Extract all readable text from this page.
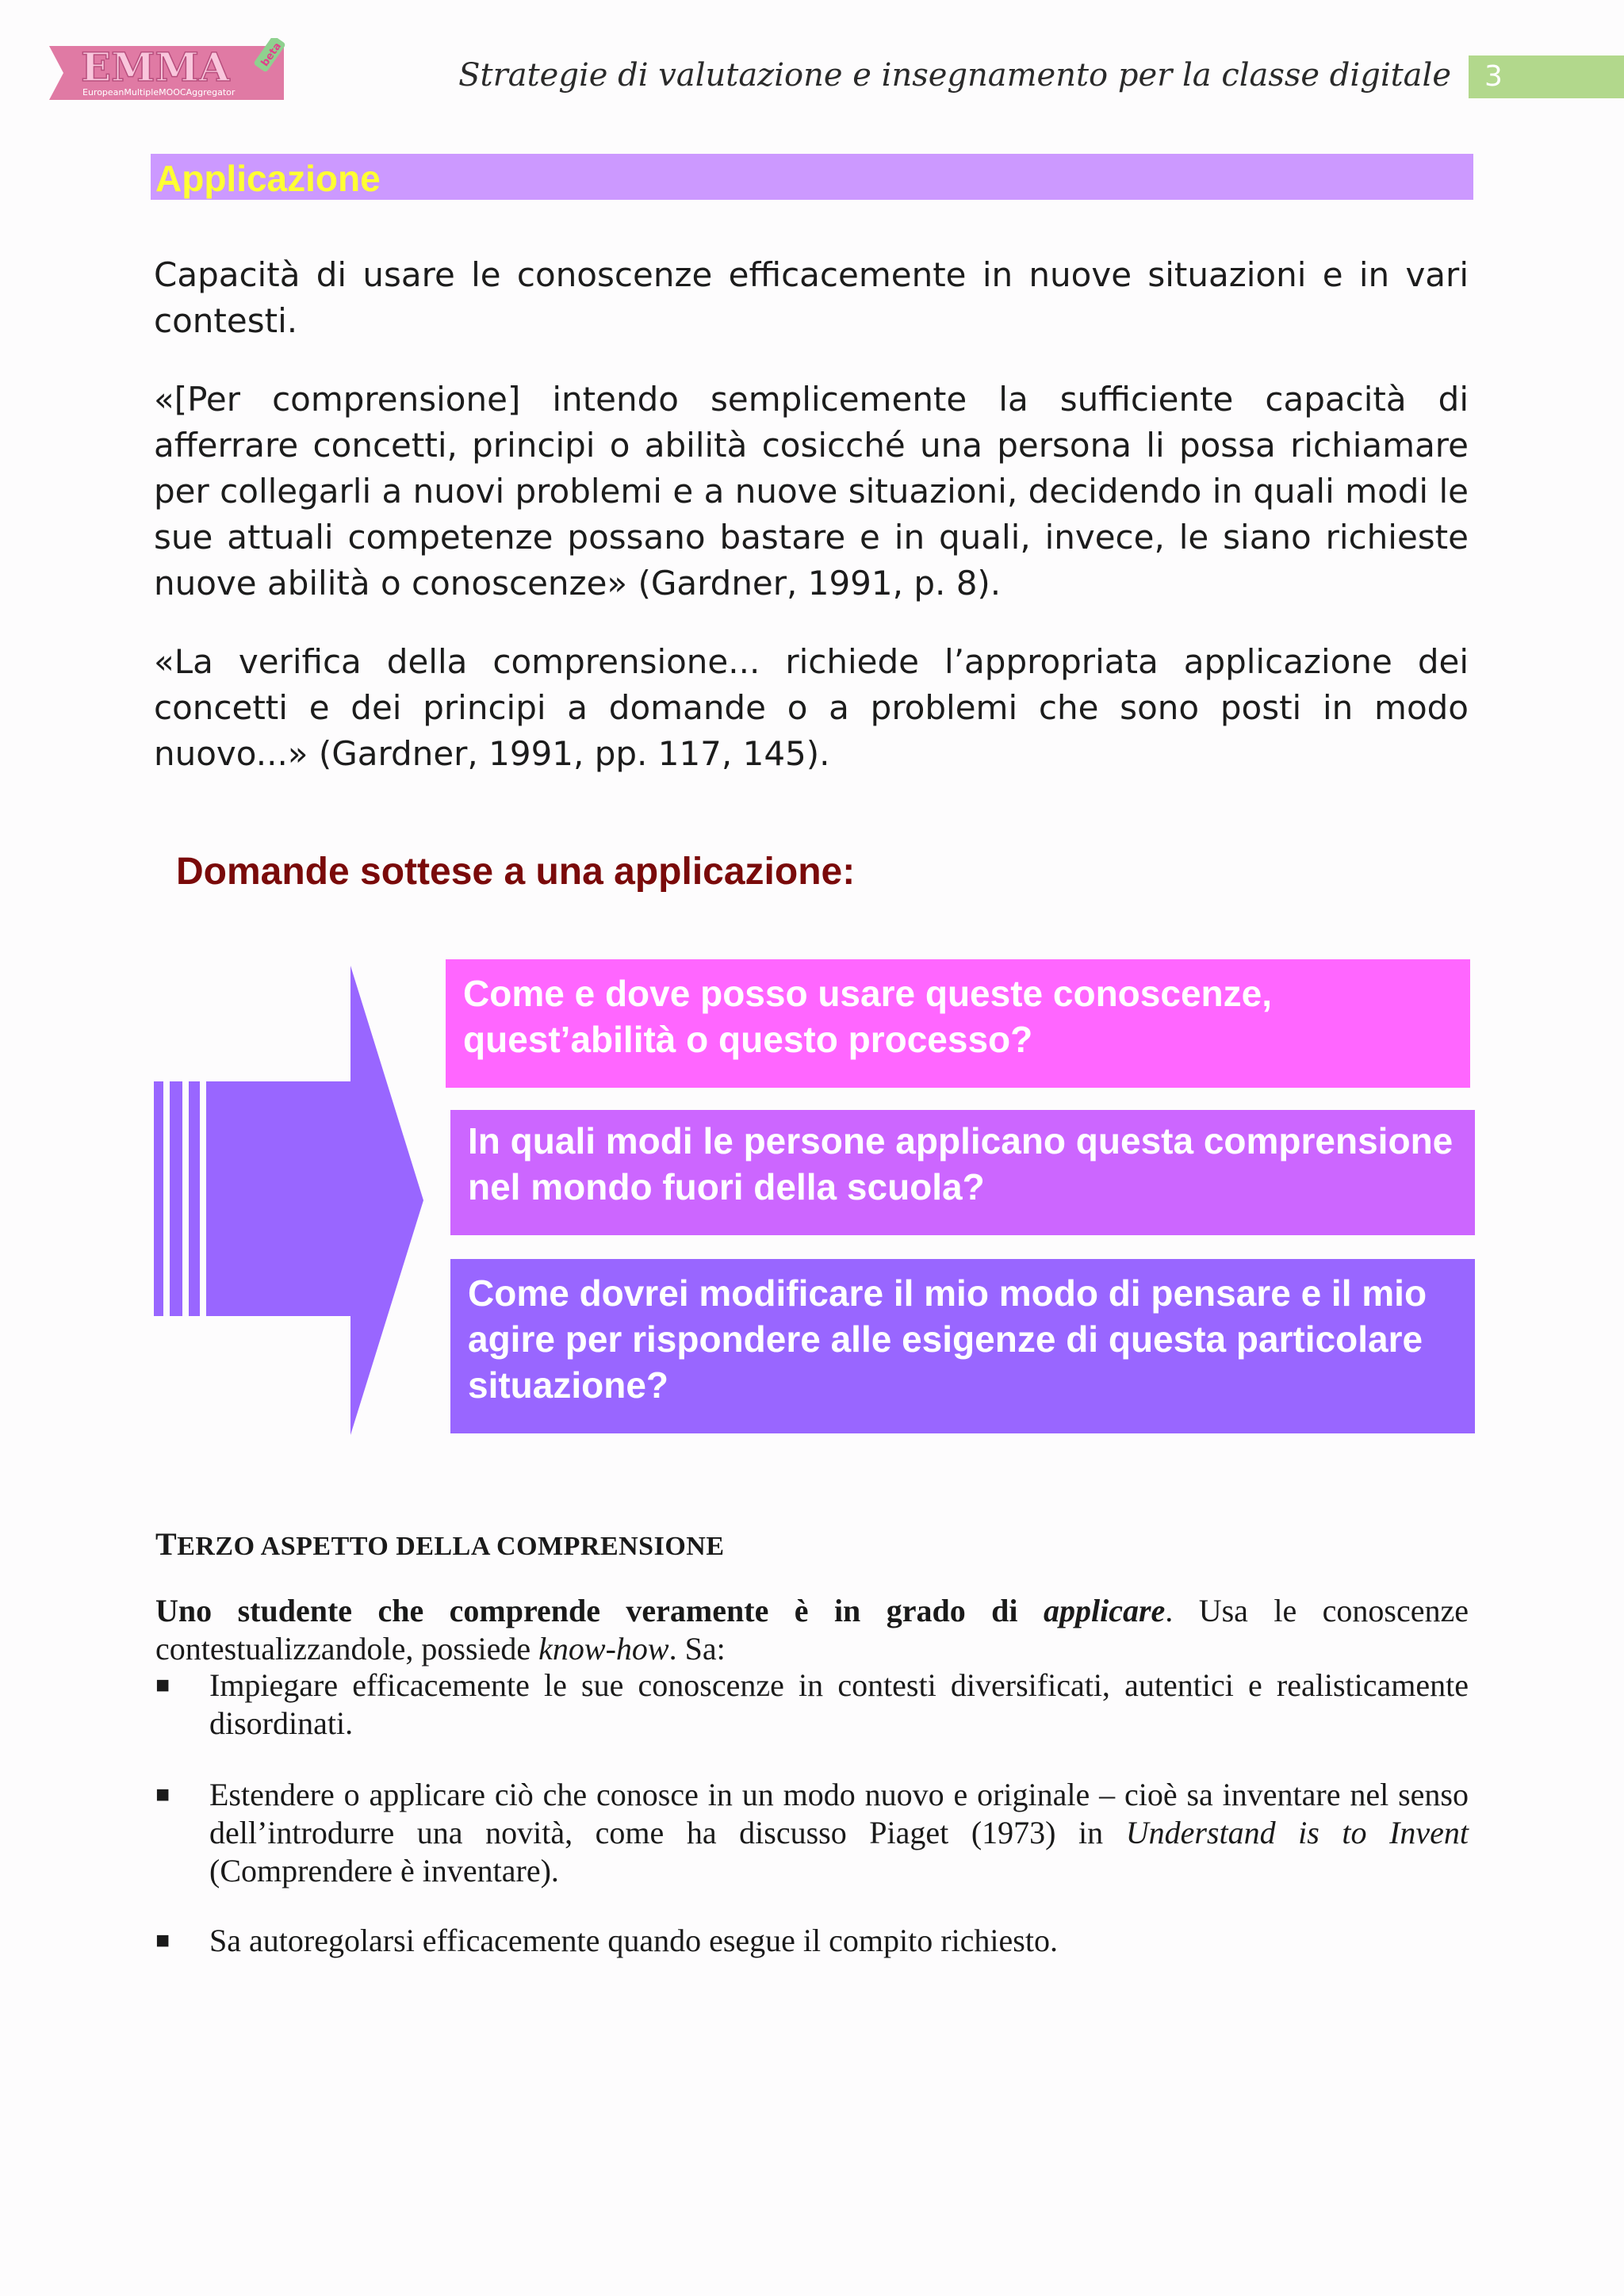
EMMA
EuropeanMultipleMOOCAggregator
beta
Strategie di valutazione e insegnamento per la classe digitale 3
Applicazione
Capacità di usare le conoscenze efficacemente in nuove situazioni e in vari contesti.
«[Per comprensione] intendo semplicemente la sufficiente capacità di afferrare concetti, principi o abilità cosicché una persona li possa richiamare per collegarli a nuovi problemi e a nuove situazioni, decidendo in quali modi le sue attuali competenze possano bastare e in quali, invece, le siano richieste nuove abilità o conoscenze» (Gardner, 1991, p. 8).
«La verifica della comprensione... richiede l’appropriata applicazione dei concetti e dei principi a domande o a problemi che sono posti in modo nuovo...» (Gardner, 1991, pp. 117, 145).
Domande sottese a una applicazione:
Come e dove posso usare queste conoscenze, quest’abilità o questo processo?
In quali modi le persone applicano questa comprensione nel mondo fuori della scuola?
Come dovrei modificare il mio modo di pensare e il mio agire per rispondere alle esigenze di questa particolare situazione?
TERZO ASPETTO DELLA COMPRENSIONE
Uno studente che comprende veramente è in grado di applicare. Usa le conoscenze contestualizzandole, possiede know-how. Sa:
■ Impiegare efficacemente le sue conoscenze in contesti diversificati, autentici e realisticamente disordinati.
■ Estendere o applicare ciò che conosce in un modo nuovo e originale – cioè sa inventare nel senso dell’introdurre una novità, come ha discusso Piaget (1973) in Understand is to Invent (Comprendere è inventare).
■ Sa autoregolarsi efficacemente quando esegue il compito richiesto.
